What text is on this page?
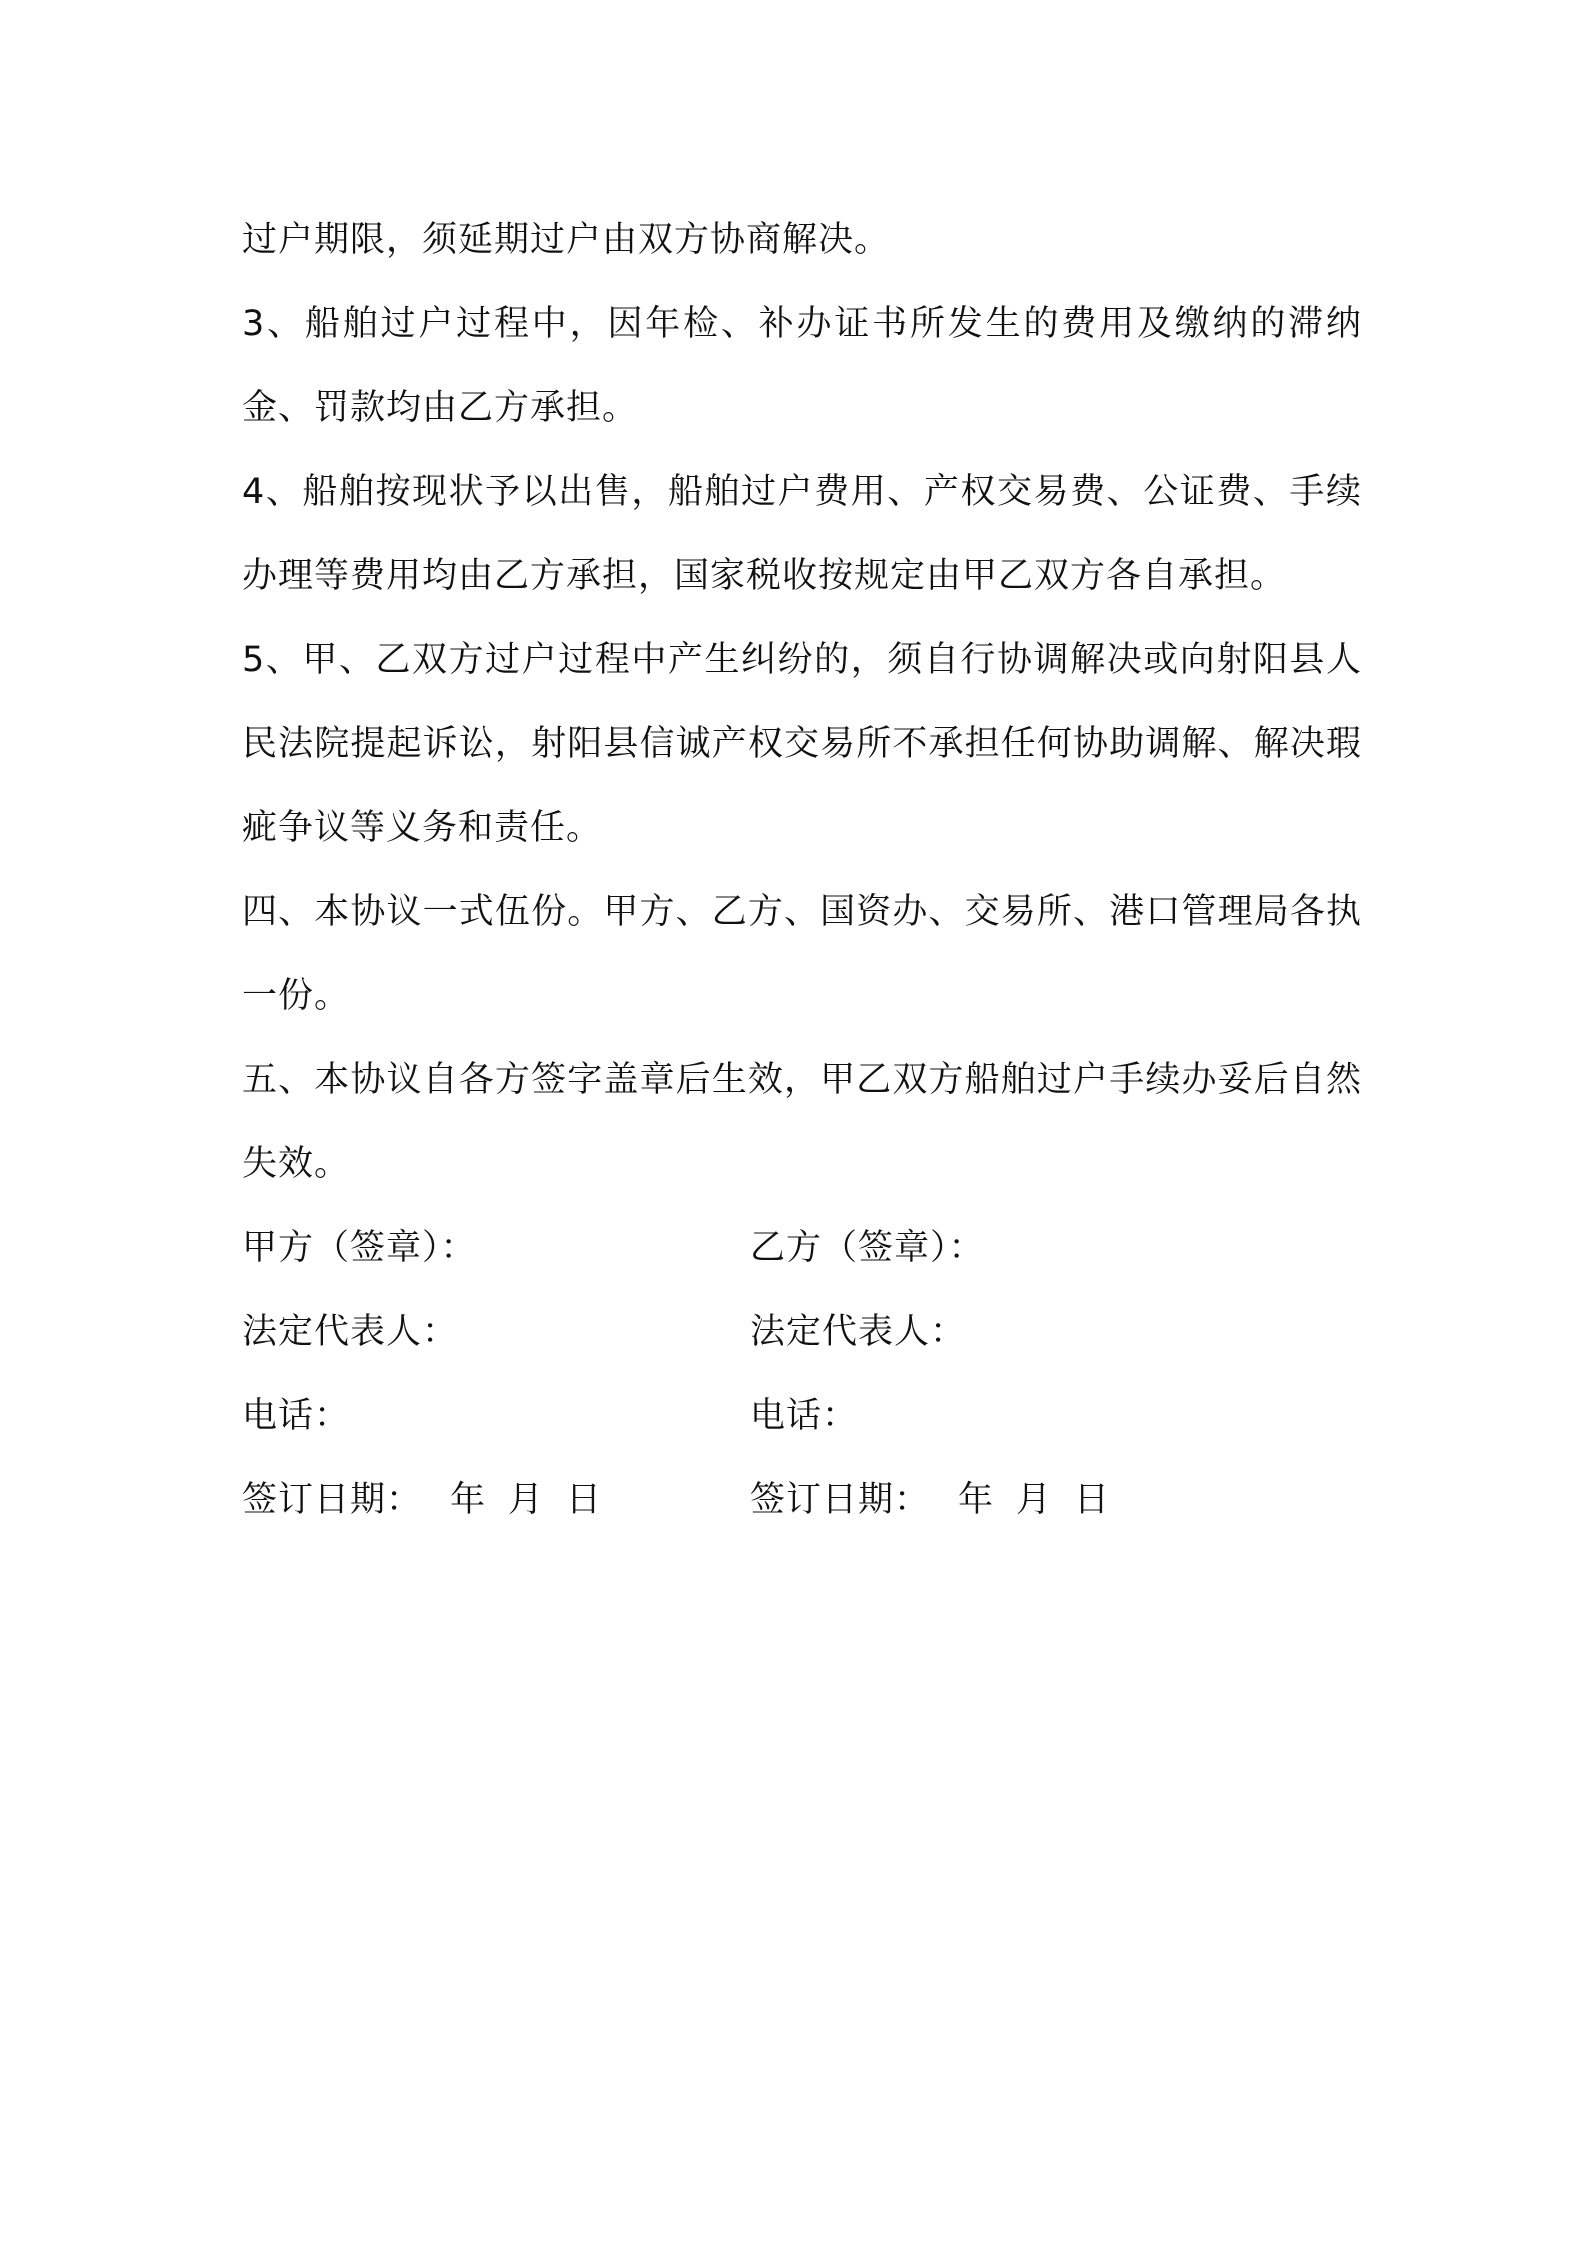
过户期限，须延期过户由双方协商解决。

3、船舶过户过程中，因年检、补办证书所发生的费用及缴纳的滞纳金、罚款均由乙方承担。

4、船舶按现状予以出售，船舶过户费用、产权交易费、公证费、手续办理等费用均由乙方承担，国家税收按规定由甲乙双方各自承担。

5、甲、乙双方过户过程中产生纠纷的，须自行协调解决或向射阳县人民法院提起诉讼，射阳县信诚产权交易所不承担任何协助调解、解决瑕疵争议等义务和责任。

四、本协议一式伍份。甲方、乙方、国资办、交易所、港口管理局各执一份。

五、本协议自各方签字盖章后生效，甲乙双方船舶过户手续办妥后自然失效。

甲方（签章）：	乙方（签章）：
法定代表人：	法定代表人：
电话：	电话：
签订日期： 年 月 日	签订日期： 年 月 日
